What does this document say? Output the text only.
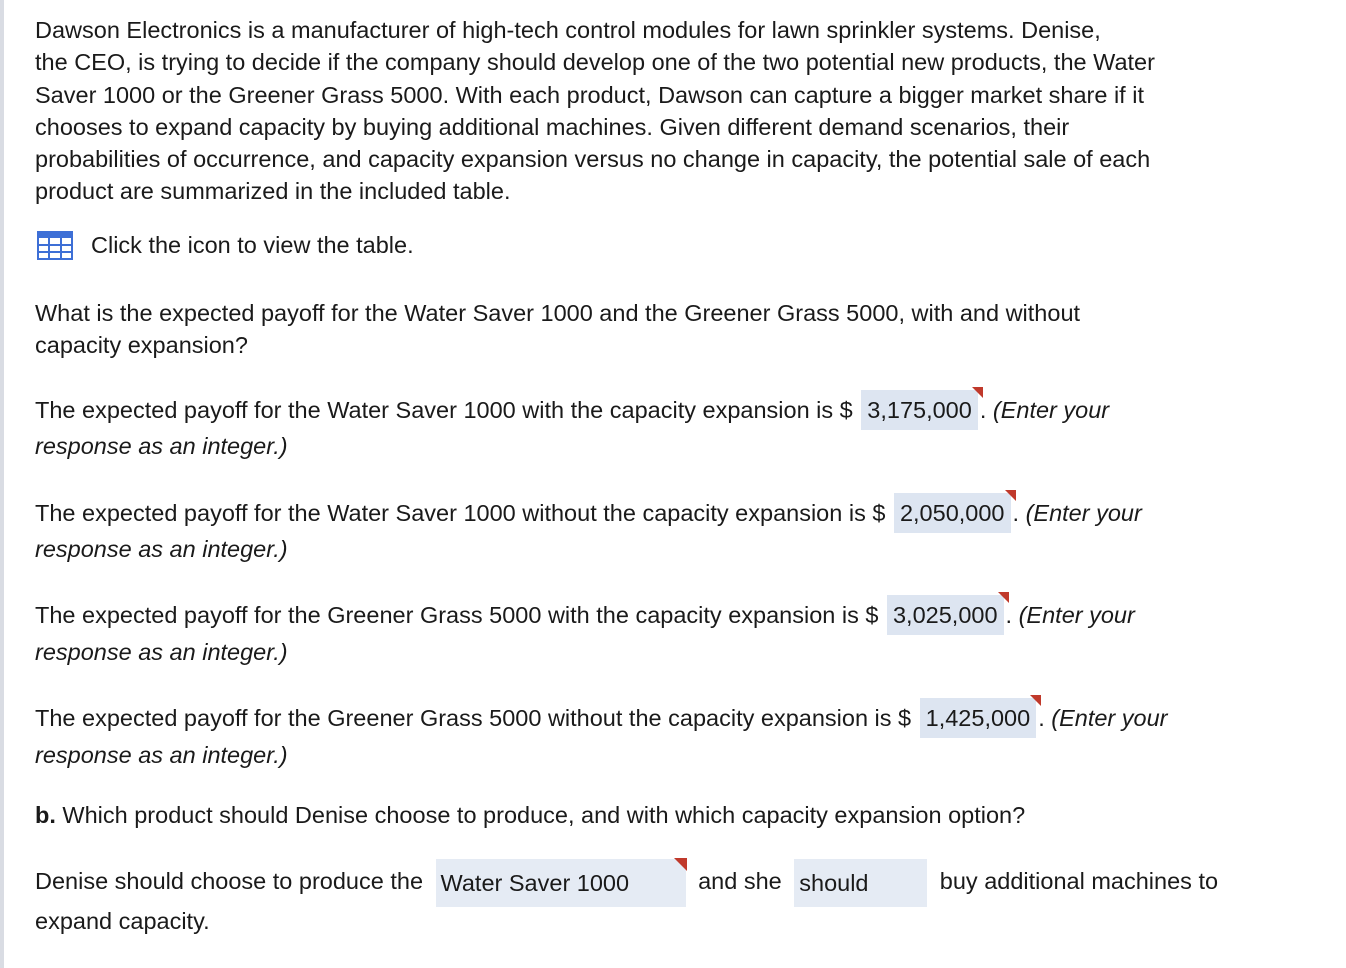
Dawson Electronics is a manufacturer of high-tech control modules for lawn sprinkler systems. Denise,
the CEO, is trying to decide if the company should develop one of the two potential new products, the Water
Saver 1000 or the Greener Grass 5000. With each product, Dawson can capture a bigger market share if it
chooses to expand capacity by buying additional machines. Given different demand scenarios, their
probabilities of occurrence, and capacity expansion versus no change in capacity, the potential sale of each
product are summarized in the included table.
Click the icon to view the table.
What is the expected payoff for the Water Saver 1000 and the Greener Grass 5000, with and without
capacity expansion?
The expected payoff for the Water Saver 1000 with the capacity expansion is $ 3,175,000 . (Enter your
response as an integer.)
The expected payoff for the Water Saver 1000 without the capacity expansion is $ 2,050,000 . (Enter your
response as an integer.)
The expected payoff for the Greener Grass 5000 with the capacity expansion is $ 3,025,000 . (Enter your
response as an integer.)
The expected payoff for the Greener Grass 5000 without the capacity expansion is $ 1,425,000 . (Enter your
response as an integer.)
b. Which product should Denise choose to produce, and with which capacity expansion option?
Denise should choose to produce the Water Saver 1000	and she should	buy additional machines to
expand capacity.
